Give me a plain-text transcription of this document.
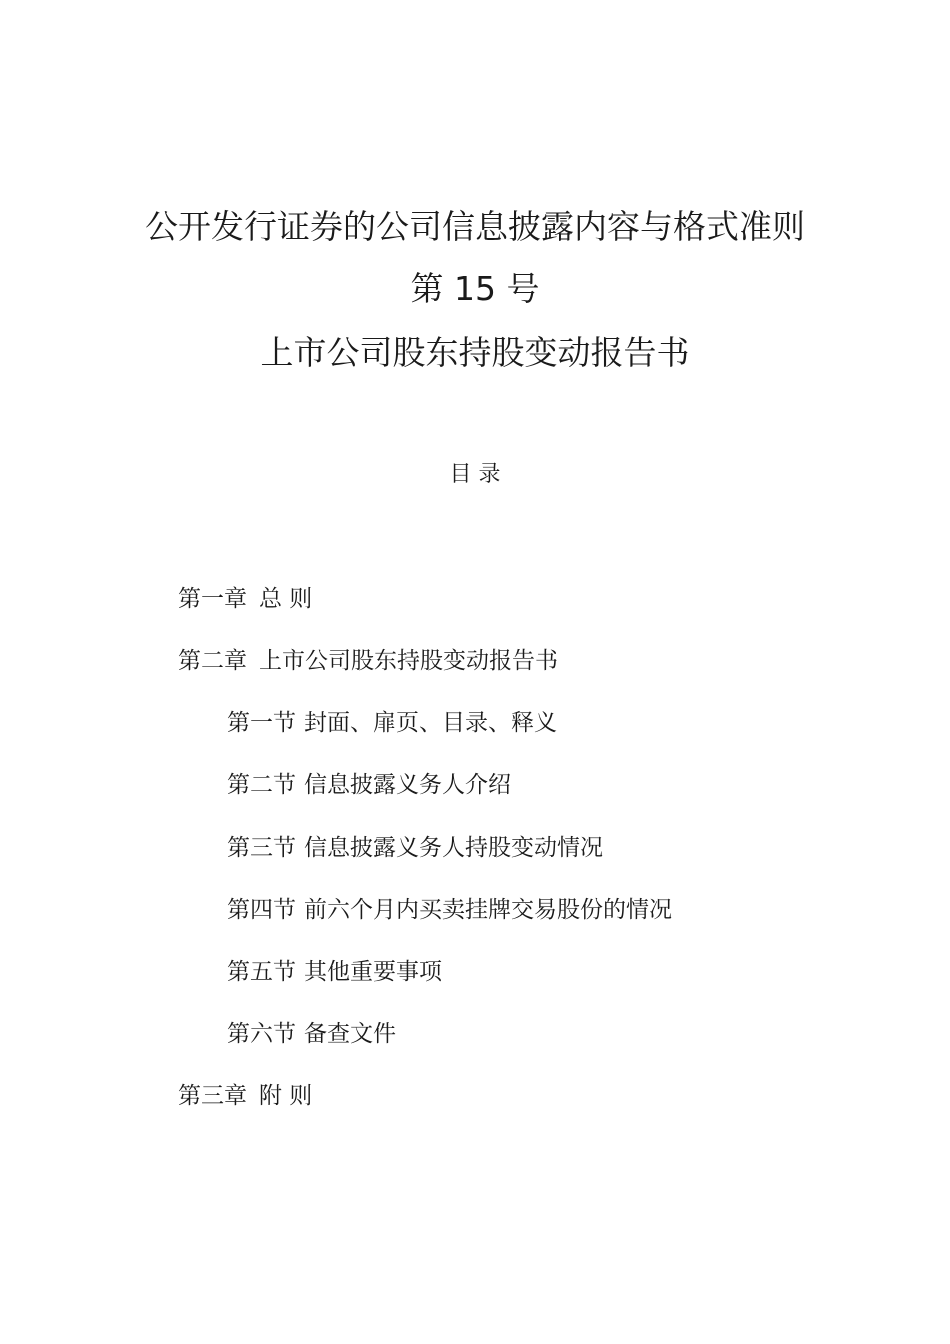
公开发行证券的公司信息披露内容与格式准则
第 15 号
上市公司股东持股变动报告书
目 录
第一章 总 则
第二章 上市公司股东持股变动报告书
第一节 封面、扉页、目录、释义
第二节 信息披露义务人介绍
第三节 信息披露义务人持股变动情况
第四节 前六个月内买卖挂牌交易股份的情况
第五节 其他重要事项
第六节 备查文件
第三章 附 则
